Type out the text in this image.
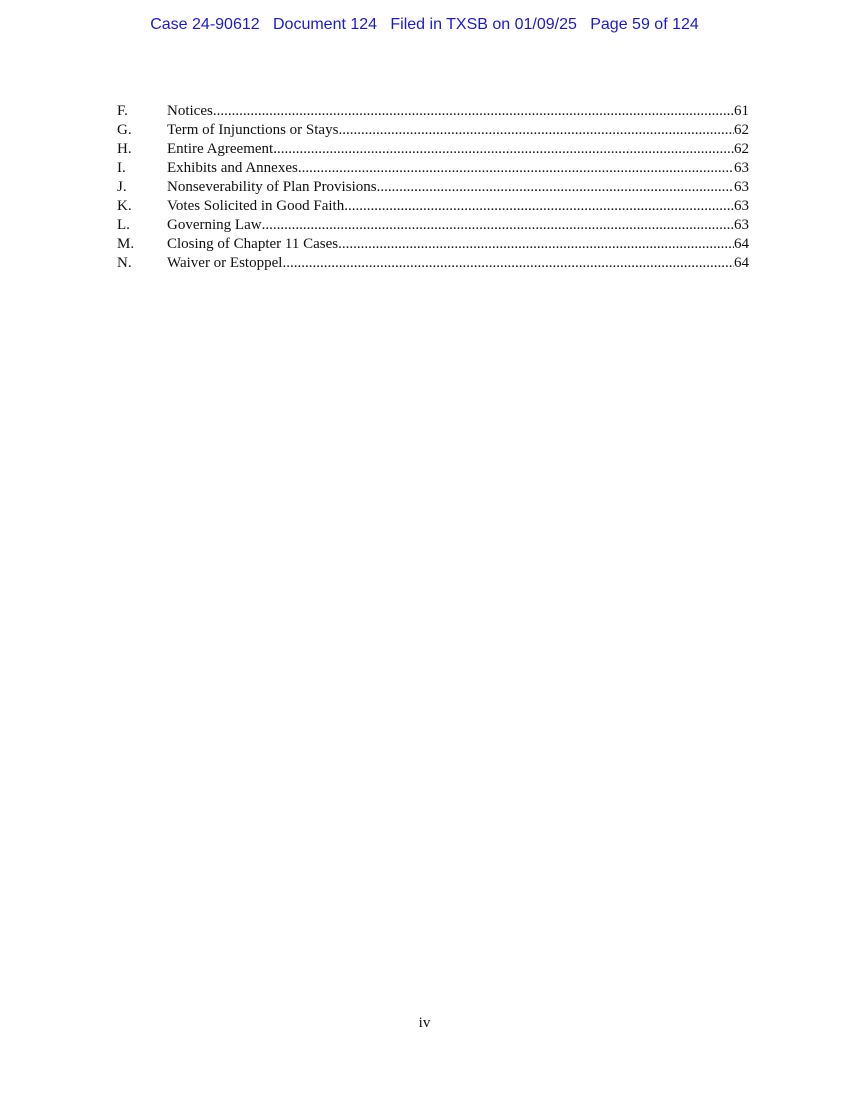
Case 24-90612 Document 124 Filed in TXSB on 01/09/25 Page 59 of 124
F.	Notices .....	61
G.	Term of Injunctions or Stays .....	62
H.	Entire Agreement .....	62
I.	Exhibits and Annexes .....	63
J.	Nonseverability of Plan Provisions .....	63
K.	Votes Solicited in Good Faith .....	63
L.	Governing Law .....	63
M.	Closing of Chapter 11 Cases .....	64
N.	Waiver or Estoppel .....	64
iv
